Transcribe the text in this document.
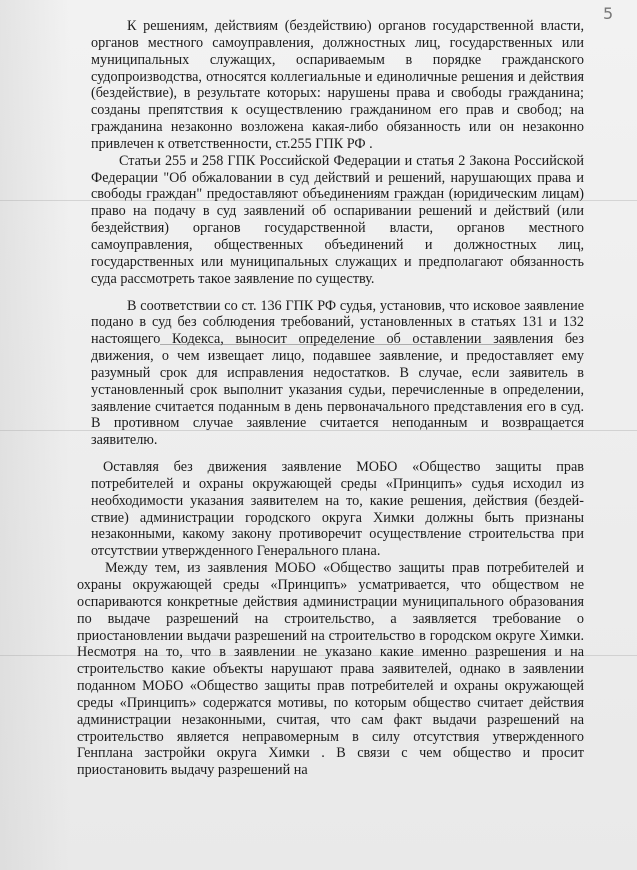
5

К решениям, действиям (бездействию) органов государственной власти, органов местного самоуправления, должностных лиц, государственных или муниципальных служащих, оспариваемым в порядке гражданского судопроизводства, относятся коллегиальные и единоличные решения и действия (бездействие), в результате которых: нарушены права и свободы гражданина; созданы препятствия к осуществлению гражданином его прав и свобод; на гражданина незаконно возложена какая-либо обязанность или он незаконно привлечен к ответственности, ст.255 ГПК РФ .

Статьи 255 и 258 ГПК Российской Федерации и статья 2 Закона Российской Федерации "Об обжаловании в суд действий и решений, нарушающих права и свободы граждан" предоставляют объединениям граждан (юридическим лицам) право на подачу в суд заявлений об оспаривании решений и действий (или бездействия) органов государственной власти, органов местного самоуправления, общественных объединений и должностных лиц, государственных или муниципальных служащих и предполагают обязанность суда рассмотреть такое заявление по существу.

В соответствии со ст. 136 ГПК РФ судья, установив, что исковое заявление подано в суд без соблюдения требований, установленных в статьях 131 и 132 настоящего Кодекса, выносит определение об оставлении заявления без движения, о чем извещает лицо, подавшее заявление, и предоставляет ему разумный срок для исправления недостатков. В случае, если заявитель в установленный срок выполнит указания судьи, перечисленные в определении, заявление считается поданным в день первоначального представления его в суд. В противном случае заявление считается неподанным и возвращается заявителю.

Оставляя без движения заявление МОБО «Общество защиты прав потребителей и охраны окружающей среды «Принципъ» судья исходил из необходимости указания заявителем на то, какие решения, действия (бездей-ствие) администрации городского округа Химки должны быть признаны незаконными, какому закону противоречит осуществление строительства при отсутствии утвержденного Генерального плана.

Между тем, из заявления МОБО «Общество защиты прав потребителей и охраны окружающей среды «Принципъ» усматривается, что обществом не оспариваются конкретные действия администрации муниципального образования по выдаче разрешений на строительство, а заявляется требование о приостановлении выдачи разрешений на строительство в городском округе Химки. Несмотря на то, что в заявлении не указано какие именно разрешения и на строительство какие объекты нарушают права заявителей, однако в заявлении поданном МОБО «Общество защиты прав потребителей и охраны окружающей среды «Принципъ» содержатся мотивы, по которым общество считает действия администрации незаконными, считая, что сам факт выдачи разрешений на строительство является неправомерным в силу отсутствия утвержденного Генплана застройки округа Химки . В связи с чем общество и просит приостановить выдачу разрешений на
